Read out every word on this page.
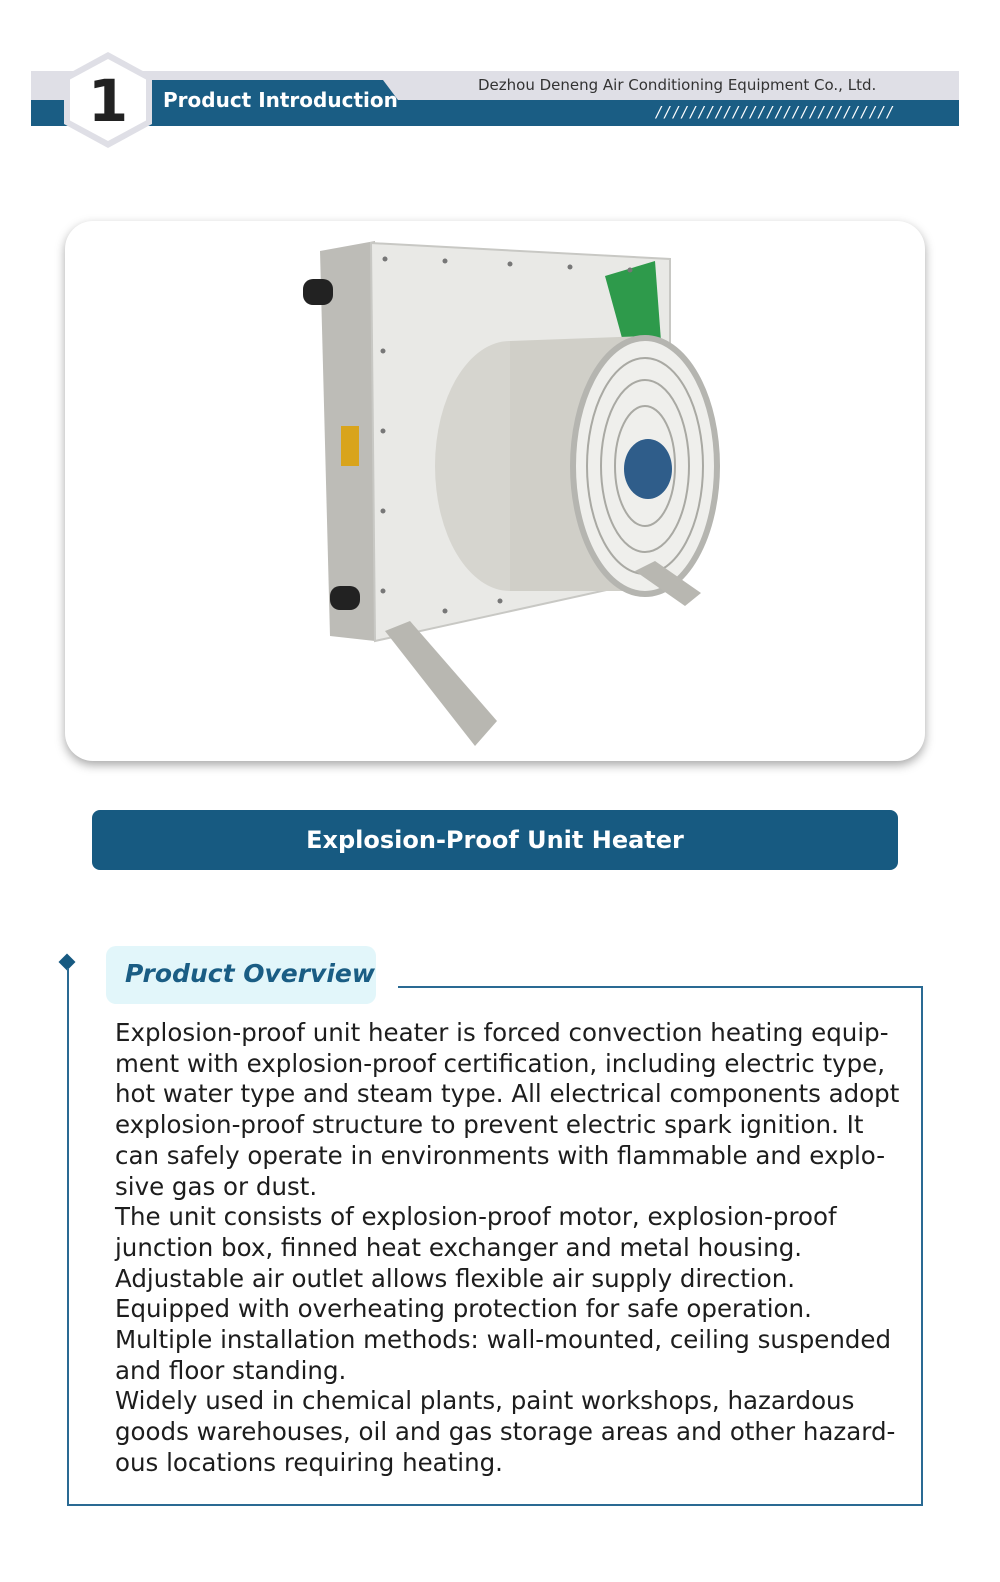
1	Product Introduction
Dezhou Deneng Air Conditioning Equipment Co., Ltd.
////////////////////////////
Explosion-Proof Unit Heater
Product Overview
Explosion-proof unit heater is forced convection heating equip-
ment with explosion-proof certification, including electric type,
hot water type and steam type. All electrical components adopt
explosion-proof structure to prevent electric spark ignition. It
can safely operate in environments with flammable and explo-
sive gas or dust.
The unit consists of explosion-proof motor, explosion-proof
junction box, finned heat exchanger and metal housing.
Adjustable air outlet allows flexible air supply direction.
Equipped with overheating protection for safe operation.
Multiple installation methods: wall-mounted, ceiling suspended
and floor standing.
Widely used in chemical plants, paint workshops, hazardous
goods warehouses, oil and gas storage areas and other hazard-
ous locations requiring heating.
